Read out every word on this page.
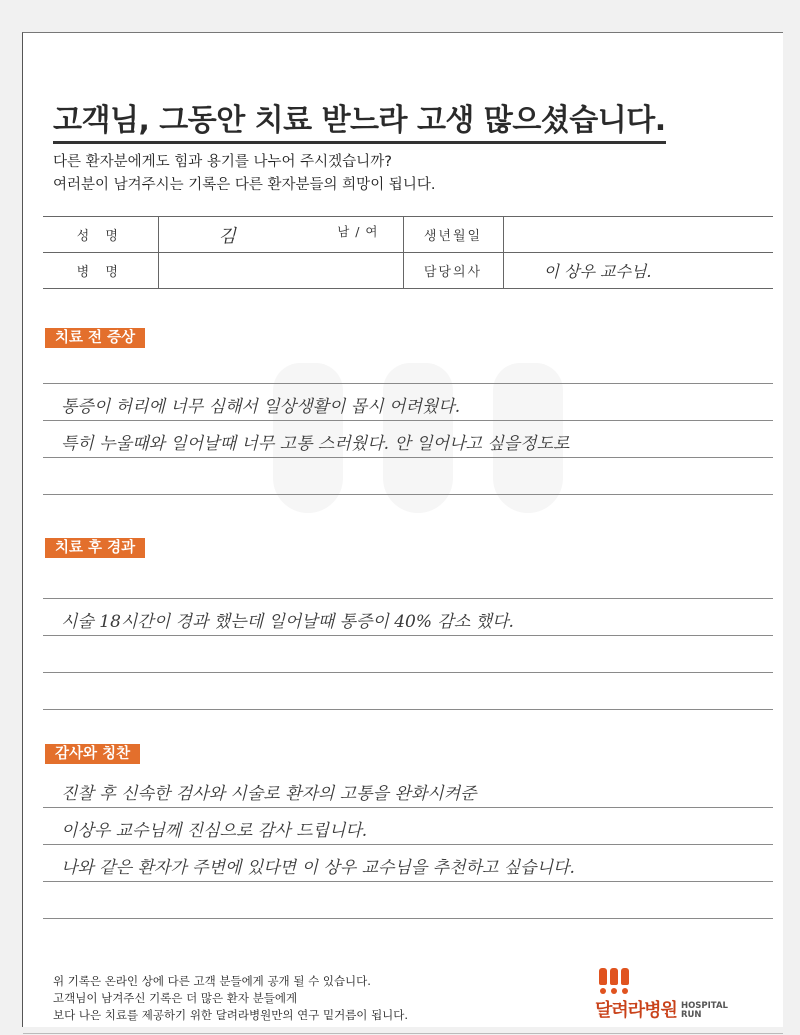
고객님, 그동안 치료 받느라 고생 많으셨습니다.
다른 환자분에게도 힘과 용기를 나누어 주시겠습니까?
여러분이 남겨주시는 기록은 다른 환자분들의 희망이 됩니다.
성 명	김 남 / 여	생년월일	
병 명		담당의사	이 상우 교수님.
치료 전 증상
통증이 허리에 너무 심해서 일상생활이 몹시 어려웠다.
특히 누울때와 일어날때 너무 고통 스러웠다. 안 일어나고 싶을정도로
치료 후 경과
시술 18시간이 경과 했는데 일어날때 통증이 40% 감소 했다.
감사와 칭찬
진찰 후 신속한 검사와 시술로 환자의 고통을 완화시켜준
이상우 교수님께 진심으로 감사 드립니다.
나와 같은 환자가 주변에 있다면 이 상우 교수님을 추천하고 싶습니다.
위 기록은 온라인 상에 다른 고객 분들에게 공개 될 수 있습니다.
고객님이 남겨주신 기록은 더 많은 환자 분들에게
보다 나은 치료를 제공하기 위한 달려라병원만의 연구 밑거름이 됩니다.	달려라병원 HOSPITAL
RUN
